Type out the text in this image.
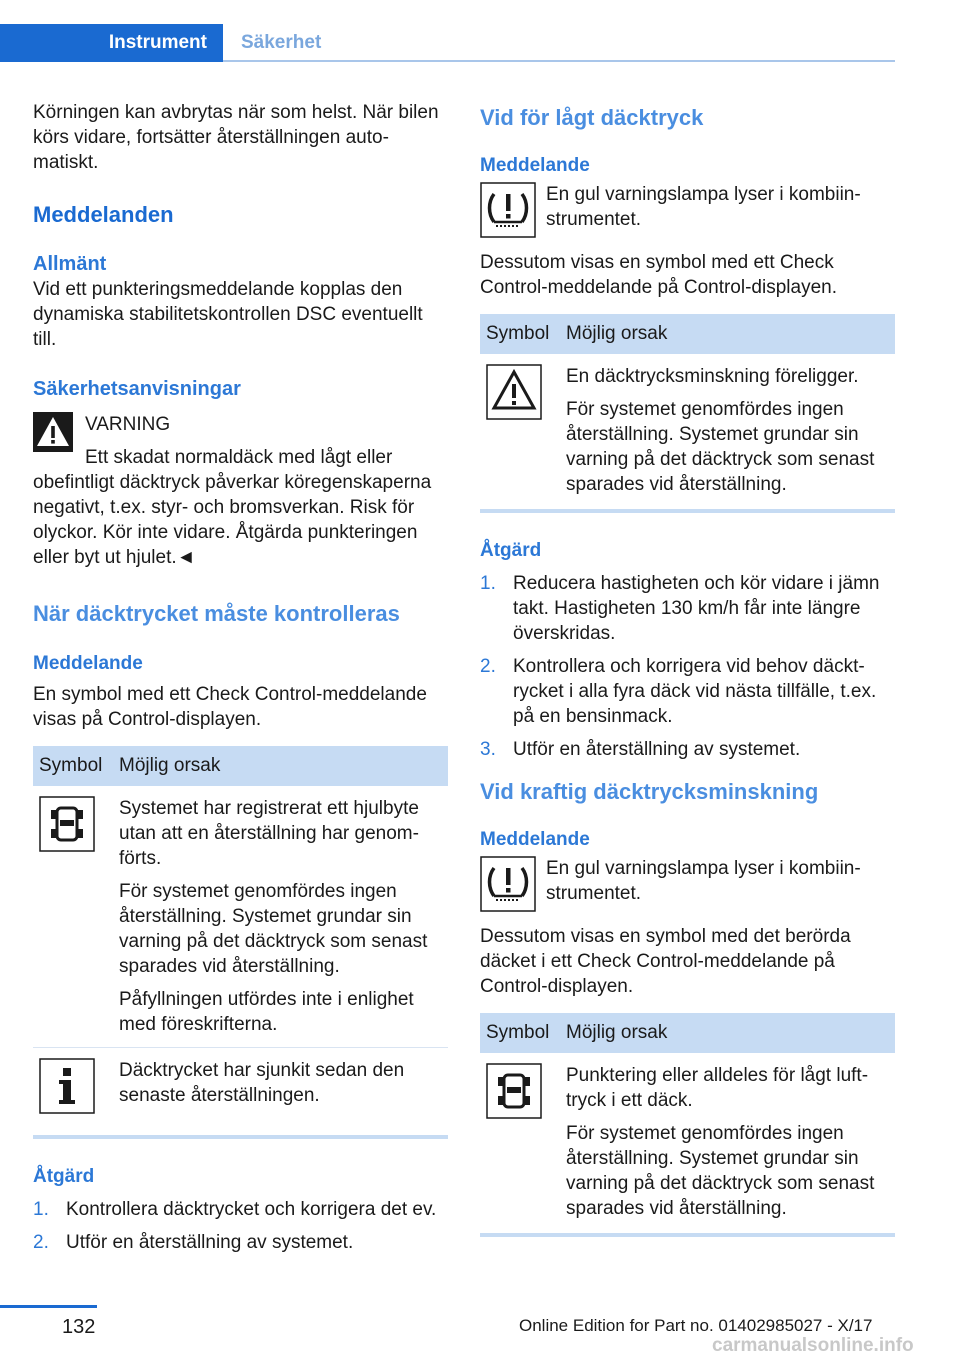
Instrument	Säkerhet

Körningen kan avbrytas när som helst. När bilen körs vidare, fortsätter återställningen automatiskt.

Meddelanden
Allmänt

Vid ett punkteringsmeddelande kopplas den dynamiska stabilitetskontrollen DSC eventuellt till.

Säkerhetsanvisningar

VARNING

Ett skadat normaldäck med lågt eller

obefintligt däcktryck påverkar köregenskaperna negativt, t.ex. styr- och bromsverkan. Risk för olyckor. Kör inte vidare. Åtgärda punkteringen eller byt ut hjulet.◄

När däcktrycket måste kontrolleras
Meddelande

En symbol med ett Check Control-meddelande visas på Control-displayen.

Symbol	Möjlig orsak

Systemet har registrerat ett hjulbyte utan att en återställning har genomförts.
För systemet genomfördes ingen återställning. Systemet grundar sin varning på det däcktryck som senast sparades vid återställning.
Påfyllningen utfördes inte i enlighet med föreskrifterna.

Däcktrycket har sjunkit sedan den senaste återställningen.
Åtgärd
1. Kontrollera däcktrycket och korrigera det ev.
2. Utför en återställning av systemet.
Vid för lågt däcktryck
Meddelande

En gul varningslampa lyser i kombiinstrumentet.

Dessutom visas en symbol med ett Check Control-meddelande på Control-displayen.

Symbol	Möjlig orsak

En däcktrycksminskning föreligger.
För systemet genomfördes ingen återställning. Systemet grundar sin varning på det däcktryck som senast sparades vid återställning.
Åtgärd
1. Reducera hastigheten och kör vidare i jämn takt. Hastigheten 130 km/h får inte längre överskridas.
2. Kontrollera och korrigera vid behov däcktrycket i alla fyra däck vid nästa tillfälle, t.ex. på en bensinmack.
3. Utför en återställning av systemet.
Vid kraftig däcktrycksminskning
Meddelande

En gul varningslampa lyser i kombiinstrumentet.

Dessutom visas en symbol med det berörda däcket i ett Check Control-meddelande på Control-displayen.

Symbol	Möjlig orsak

Punktering eller alldeles för lågt lufttryck i ett däck.
För systemet genomfördes ingen återställning. Systemet grundar sin varning på det däcktryck som senast sparades vid återställning.
132	Online Edition for Part no. 01402985027 - X/17
carmanualsonline.info
